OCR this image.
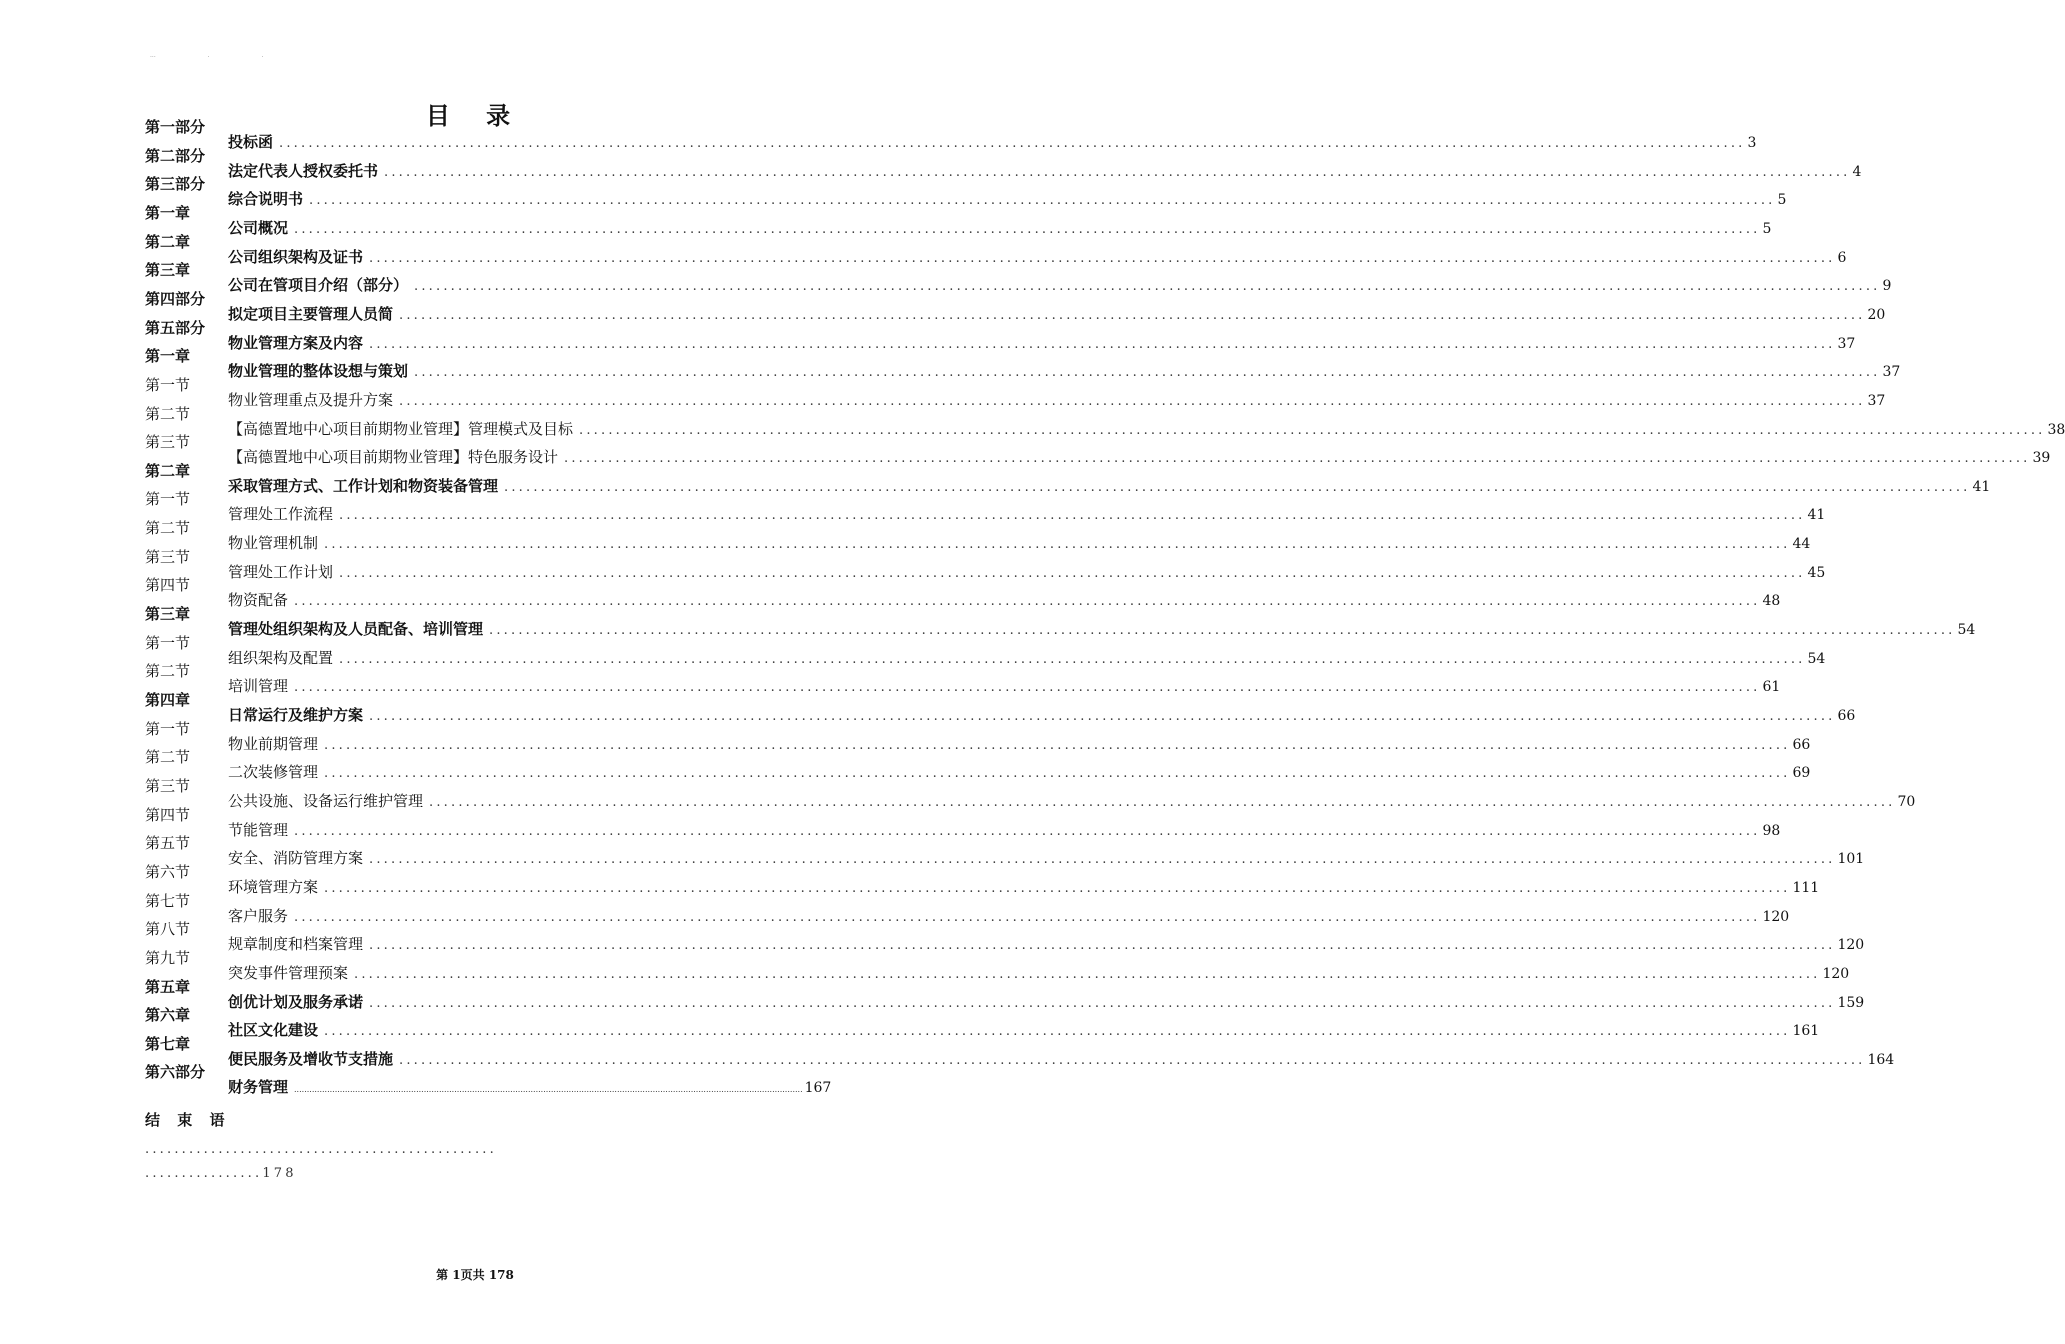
...	.	.
目 录
第一部分
第二部分
第三部分
第一章
第二章
第三章
第四部分
第五部分
第一章
第一节
第二节
第三节
第二章
第一节
第二节
第三节
第四节
第三章
第一节
第二节
第四章
第一节
第二节
第三节
第四节
第五节
第六节
第七节
第八节
第九节
第五章
第六章
第七章
第六部分
投标函 ........................................................................................................................................................................................................ 3
法定代表人授权委托书 ........................................................................................................................................................................................................ 4
综合说明书 ........................................................................................................................................................................................................ 5
公司概况 ........................................................................................................................................................................................................ 5
公司组织架构及证书 ........................................................................................................................................................................................................ 6
公司在管项目介绍（部分） ........................................................................................................................................................................................................ 9
拟定项目主要管理人员简 ........................................................................................................................................................................................................ 20
物业管理方案及内容 ........................................................................................................................................................................................................ 37
物业管理的整体设想与策划 ........................................................................................................................................................................................................ 37
物业管理重点及提升方案 ........................................................................................................................................................................................................ 37
【高德置地中心项目前期物业管理】管理模式及目标 ........................................................................................................................................................................................................ 38
【高德置地中心项目前期物业管理】特色服务设计 ........................................................................................................................................................................................................ 39
采取管理方式、工作计划和物资装备管理 ........................................................................................................................................................................................................ 41
管理处工作流程 ........................................................................................................................................................................................................ 41
物业管理机制 ........................................................................................................................................................................................................ 44
管理处工作计划 ........................................................................................................................................................................................................ 45
物资配备 ........................................................................................................................................................................................................ 48
管理处组织架构及人员配备、培训管理 ........................................................................................................................................................................................................ 54
组织架构及配置 ........................................................................................................................................................................................................ 54
培训管理 ........................................................................................................................................................................................................ 61
日常运行及维护方案 ........................................................................................................................................................................................................ 66
物业前期管理 ........................................................................................................................................................................................................ 66
二次装修管理 ........................................................................................................................................................................................................ 69
公共设施、设备运行维护管理 ........................................................................................................................................................................................................ 70
节能管理 ........................................................................................................................................................................................................ 98
安全、消防管理方案 ........................................................................................................................................................................................................ 101
环境管理方案 ........................................................................................................................................................................................................ 111
客户服务 ........................................................................................................................................................................................................ 120
规章制度和档案管理 ........................................................................................................................................................................................................ 120
突发事件管理预案 ........................................................................................................................................................................................................ 120
创优计划及服务承诺 ........................................................................................................................................................................................................ 159
社区文化建设 ........................................................................................................................................................................................................ 161
便民服务及增收节支措施 ........................................................................................................................................................................................................ 164
财务管理 ........................................................................................................................................................................................................ 167
结 束 语
................................................
................178
第 1页共 178
